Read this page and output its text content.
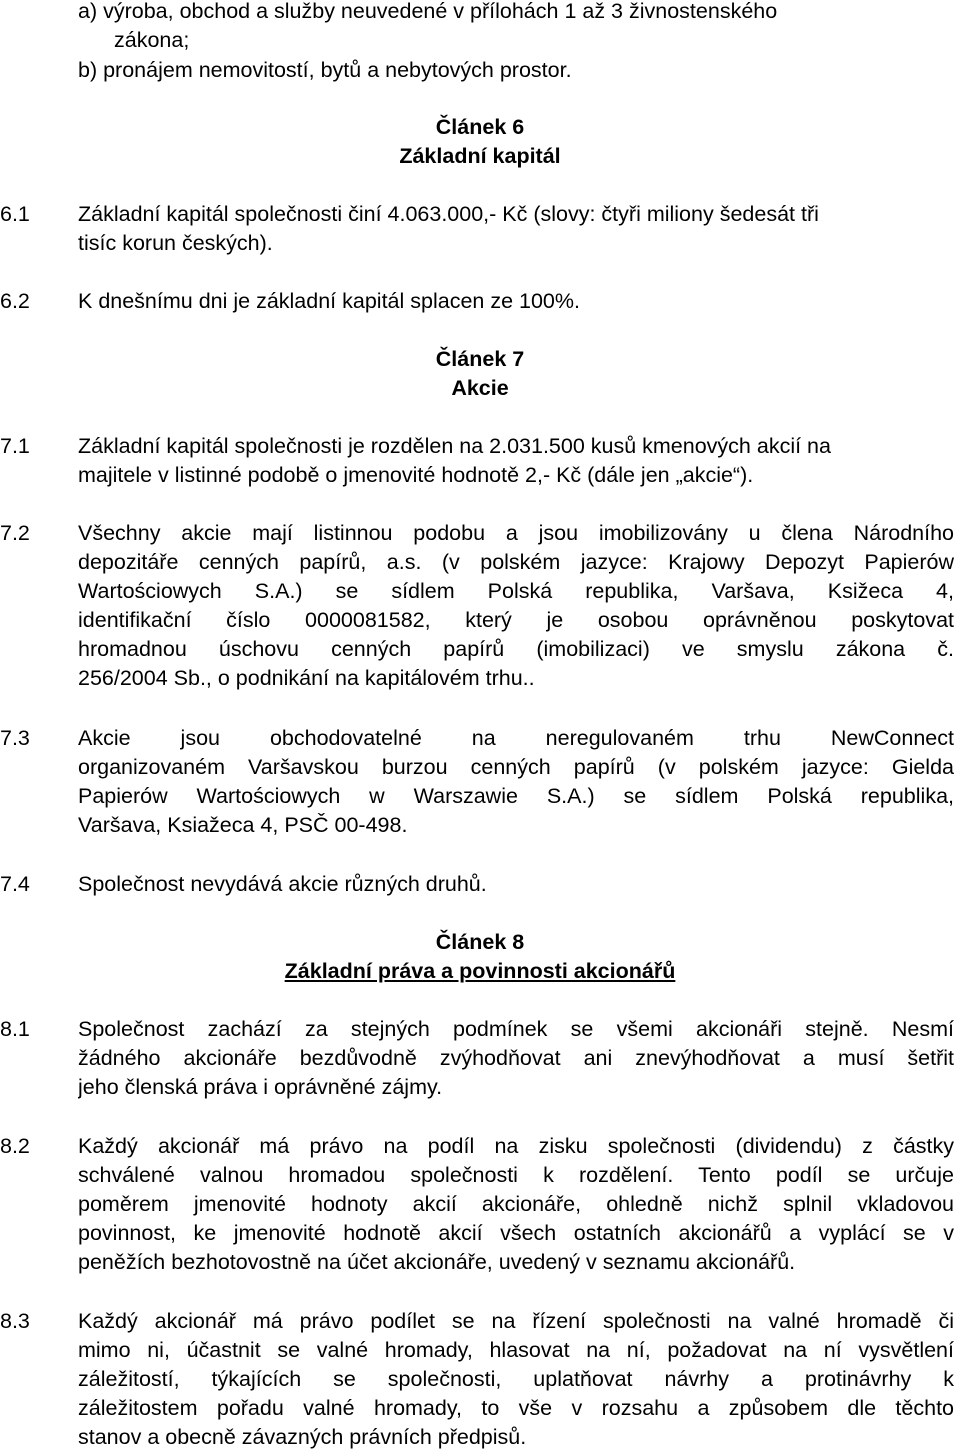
a) výroba, obchod a služby neuvedené v přílohách 1 až 3 živnostenského
zákona;
b) pronájem nemovitostí, bytů a nebytových prostor.
Článek 6
Základní kapitál
6.1 Základní kapitál společnosti činí 4.063.000,- Kč (slovy: čtyři miliony šedesát tři
tisíc korun českých).
6.2 K dnešnímu dni je základní kapitál splacen ze 100%.
Článek 7
Akcie
7.1 Základní kapitál společnosti je rozdělen na 2.031.500 kusů kmenových akcií na
majitele v listinné podobě o jmenovité hodnotě 2,- Kč (dále jen „akcie“).
7.2 Všechny akcie mají listinnou podobu a jsou imobilizovány u člena Národního
depozitáře cenných papírů, a.s. (v polském jazyce: Krajowy Depozyt Papierów
Wartościowych S.A.) se sídlem Polská republika, Varšava, Ksižeca 4,
identifikační číslo 0000081582, který je osobou oprávněnou poskytovat
hromadnou úschovu cenných papírů (imobilizaci) ve smyslu zákona č.
256/2004 Sb., o podnikání na kapitálovém trhu..
7.3 Akcie jsou obchodovatelné na neregulovaném trhu NewConnect
organizovaném Varšavskou burzou cenných papírů (v polském jazyce: Gielda
Papierów Wartościowych w Warszawie S.A.) se sídlem Polská republika,
Varšava, Ksiažeca 4, PSČ 00-498.
7.4 Společnost nevydává akcie různých druhů.
Článek 8
Základní práva a povinnosti akcionářů
8.1 Společnost zachází za stejných podmínek se všemi akcionáři stejně. Nesmí
žádného akcionáře bezdůvodně zvýhodňovat ani znevýhodňovat a musí šetřit
jeho členská práva i oprávněné zájmy.
8.2 Každý akcionář má právo na podíl na zisku společnosti (dividendu) z částky
schválené valnou hromadou společnosti k rozdělení. Tento podíl se určuje
poměrem jmenovité hodnoty akcií akcionáře, ohledně nichž splnil vkladovou
povinnost, ke jmenovité hodnotě akcií všech ostatních akcionářů a vyplácí se v
peněžích bezhotovostně na účet akcionáře, uvedený v seznamu akcionářů.
8.3 Každý akcionář má právo podílet se na řízení společnosti na valné hromadě či
mimo ni, účastnit se valné hromady, hlasovat na ní, požadovat na ní vysvětlení
záležitostí, týkajících se společnosti, uplatňovat návrhy a protinávrhy k
záležitostem pořadu valné hromady, to vše v rozsahu a způsobem dle těchto
stanov a obecně závazných právních předpisů.
